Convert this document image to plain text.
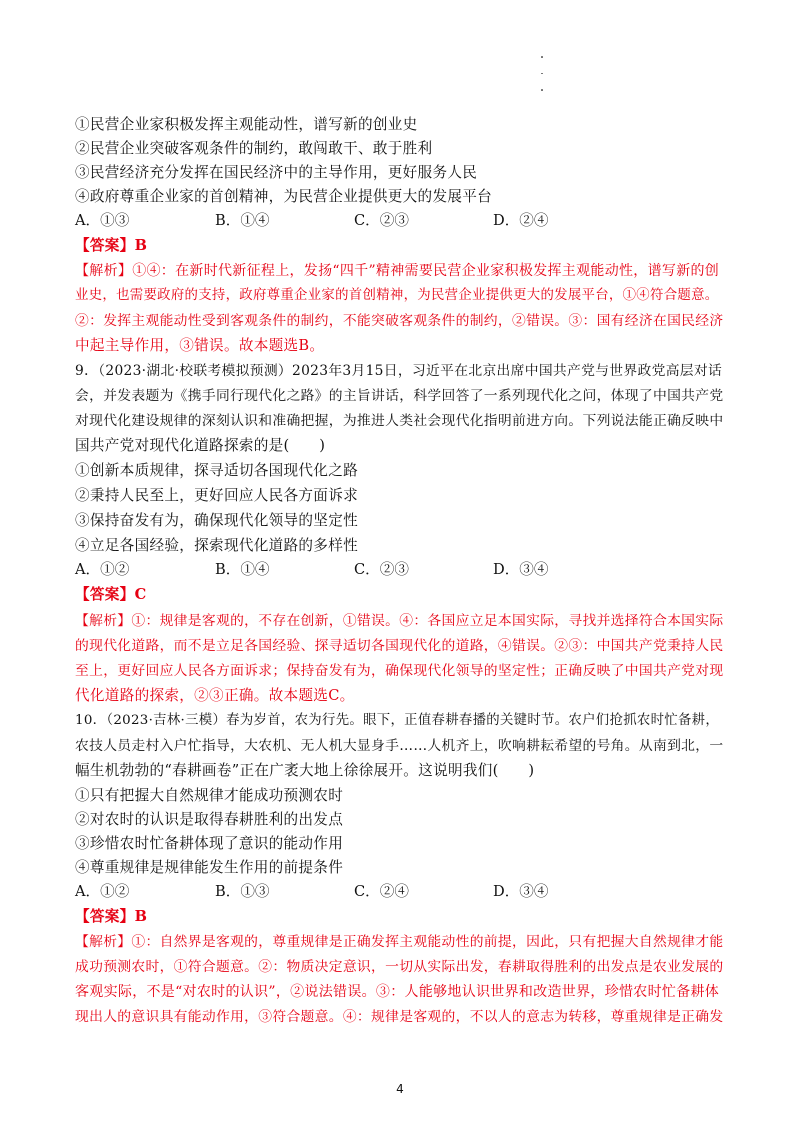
①民营企业家积极发挥主观能动性，谱写新的创业史
②民营企业突破客观条件的制约，敢闯敢干、敢于胜利
③民营经济充分发挥在国民经济中的主导作用，更好服务人民
④政府尊重企业家的首创精神，为民营企业提供更大的发展平台
A．①③	B．①④	C．②③	D．②④
【答案】B
【解析】①④：在新时代新征程上，发扬“四千”精神需要民营企业家积极发挥主观能动性，谱写新的创
业史，也需要政府的支持，政府尊重企业家的首创精神，为民营企业提供更大的发展平台，①④符合题意。
②：发挥主观能动性受到客观条件的制约，不能突破客观条件的制约，②错误。③：国有经济在国民经济
中起主导作用，③错误。故本题选B。
9．（2023·湖北·校联考模拟预测）2023年3月15日，习近平在北京出席中国共产党与世界政党高层对话
会，并发表题为《携手同行现代化之路》的主旨讲话，科学回答了一系列现代化之问，体现了中国共产党
对现代化建设规律的深刻认识和准确把握，为推进人类社会现代化指明前进方向。下列说法能正确反映中
国共产党对现代化道路探索的是(　　)
①创新本质规律，探寻适切各国现代化之路
②秉持人民至上，更好回应人民各方面诉求
③保持奋发有为，确保现代化领导的坚定性
④立足各国经验，探索现代化道路的多样性
A．①②	B．①④	C．②③	D．③④
【答案】C
【解析】①：规律是客观的，不存在创新，①错误。④：各国应立足本国实际，寻找并选择符合本国实际
的现代化道路，而不是立足各国经验、探寻适切各国现代化的道路，④错误。②③：中国共产党秉持人民
至上，更好回应人民各方面诉求；保持奋发有为，确保现代化领导的坚定性；正确反映了中国共产党对现
代化道路的探索，②③正确。故本题选C。
10．（2023·吉林·三模）春为岁首，农为行先。眼下，正值春耕春播的关键时节。农户们抢抓农时忙备耕，
农技人员走村入户忙指导，大农机、无人机大显身手……人机齐上，吹响耕耘希望的号角。从南到北，一
幅生机勃勃的“春耕画卷”正在广袤大地上徐徐展开。这说明我们(　　)
①只有把握大自然规律才能成功预测农时
②对农时的认识是取得春耕胜利的出发点
③珍惜农时忙备耕体现了意识的能动作用
④尊重规律是规律能发生作用的前提条件
A．①②	B．①③	C．②④	D．③④
【答案】B
【解析】①：自然界是客观的，尊重规律是正确发挥主观能动性的前提，因此，只有把握大自然规律才能
成功预测农时，①符合题意。②：物质决定意识，一切从实际出发，春耕取得胜利的出发点是农业发展的
客观实际，不是“对农时的认识”，②说法错误。③：人能够地认识世界和改造世界，珍惜农时忙备耕体
现出人的意识具有能动作用，③符合题意。④：规律是客观的，不以人的意志为转移，尊重规律是正确发
4
